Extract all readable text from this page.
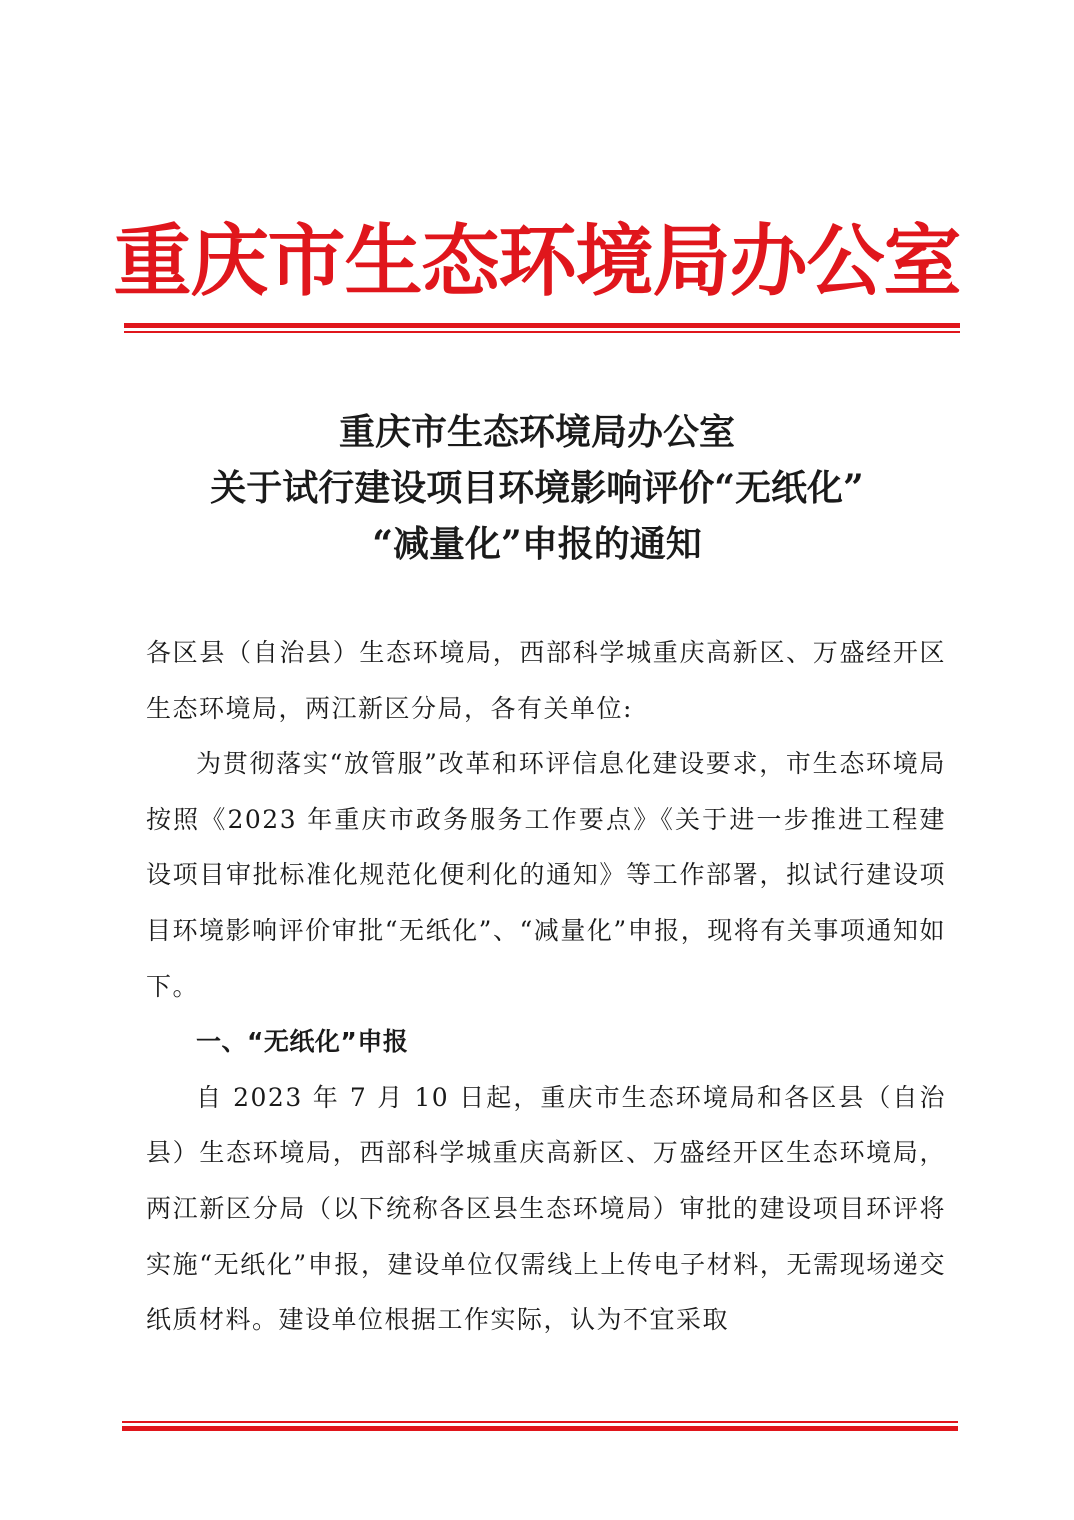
重庆市生态环境局办公室
重庆市生态环境局办公室
关于试行建设项目环境影响评价“无纸化”
“减量化”申报的通知

各区县（自治县）生态环境局，西部科学城重庆高新区、万盛经开区生态环境局，两江新区分局，各有关单位:

为贯彻落实“放管服”改革和环评信息化建设要求，市生态环境局按照《2023 年重庆市政务服务工作要点》《关于进一步推进工程建设项目审批标准化规范化便利化的通知》等工作部署，拟试行建设项目环境影响评价审批“无纸化”、“减量化”申报，现将有关事项通知如下。

一、“无纸化”申报

自 2023 年 7 月 10 日起，重庆市生态环境局和各区县（自治县）生态环境局，西部科学城重庆高新区、万盛经开区生态环境局，两江新区分局（以下统称各区县生态环境局）审批的建设项目环评将实施“无纸化”申报，建设单位仅需线上上传电子材料，无需现场递交纸质材料。建设单位根据工作实际，认为不宜采取
